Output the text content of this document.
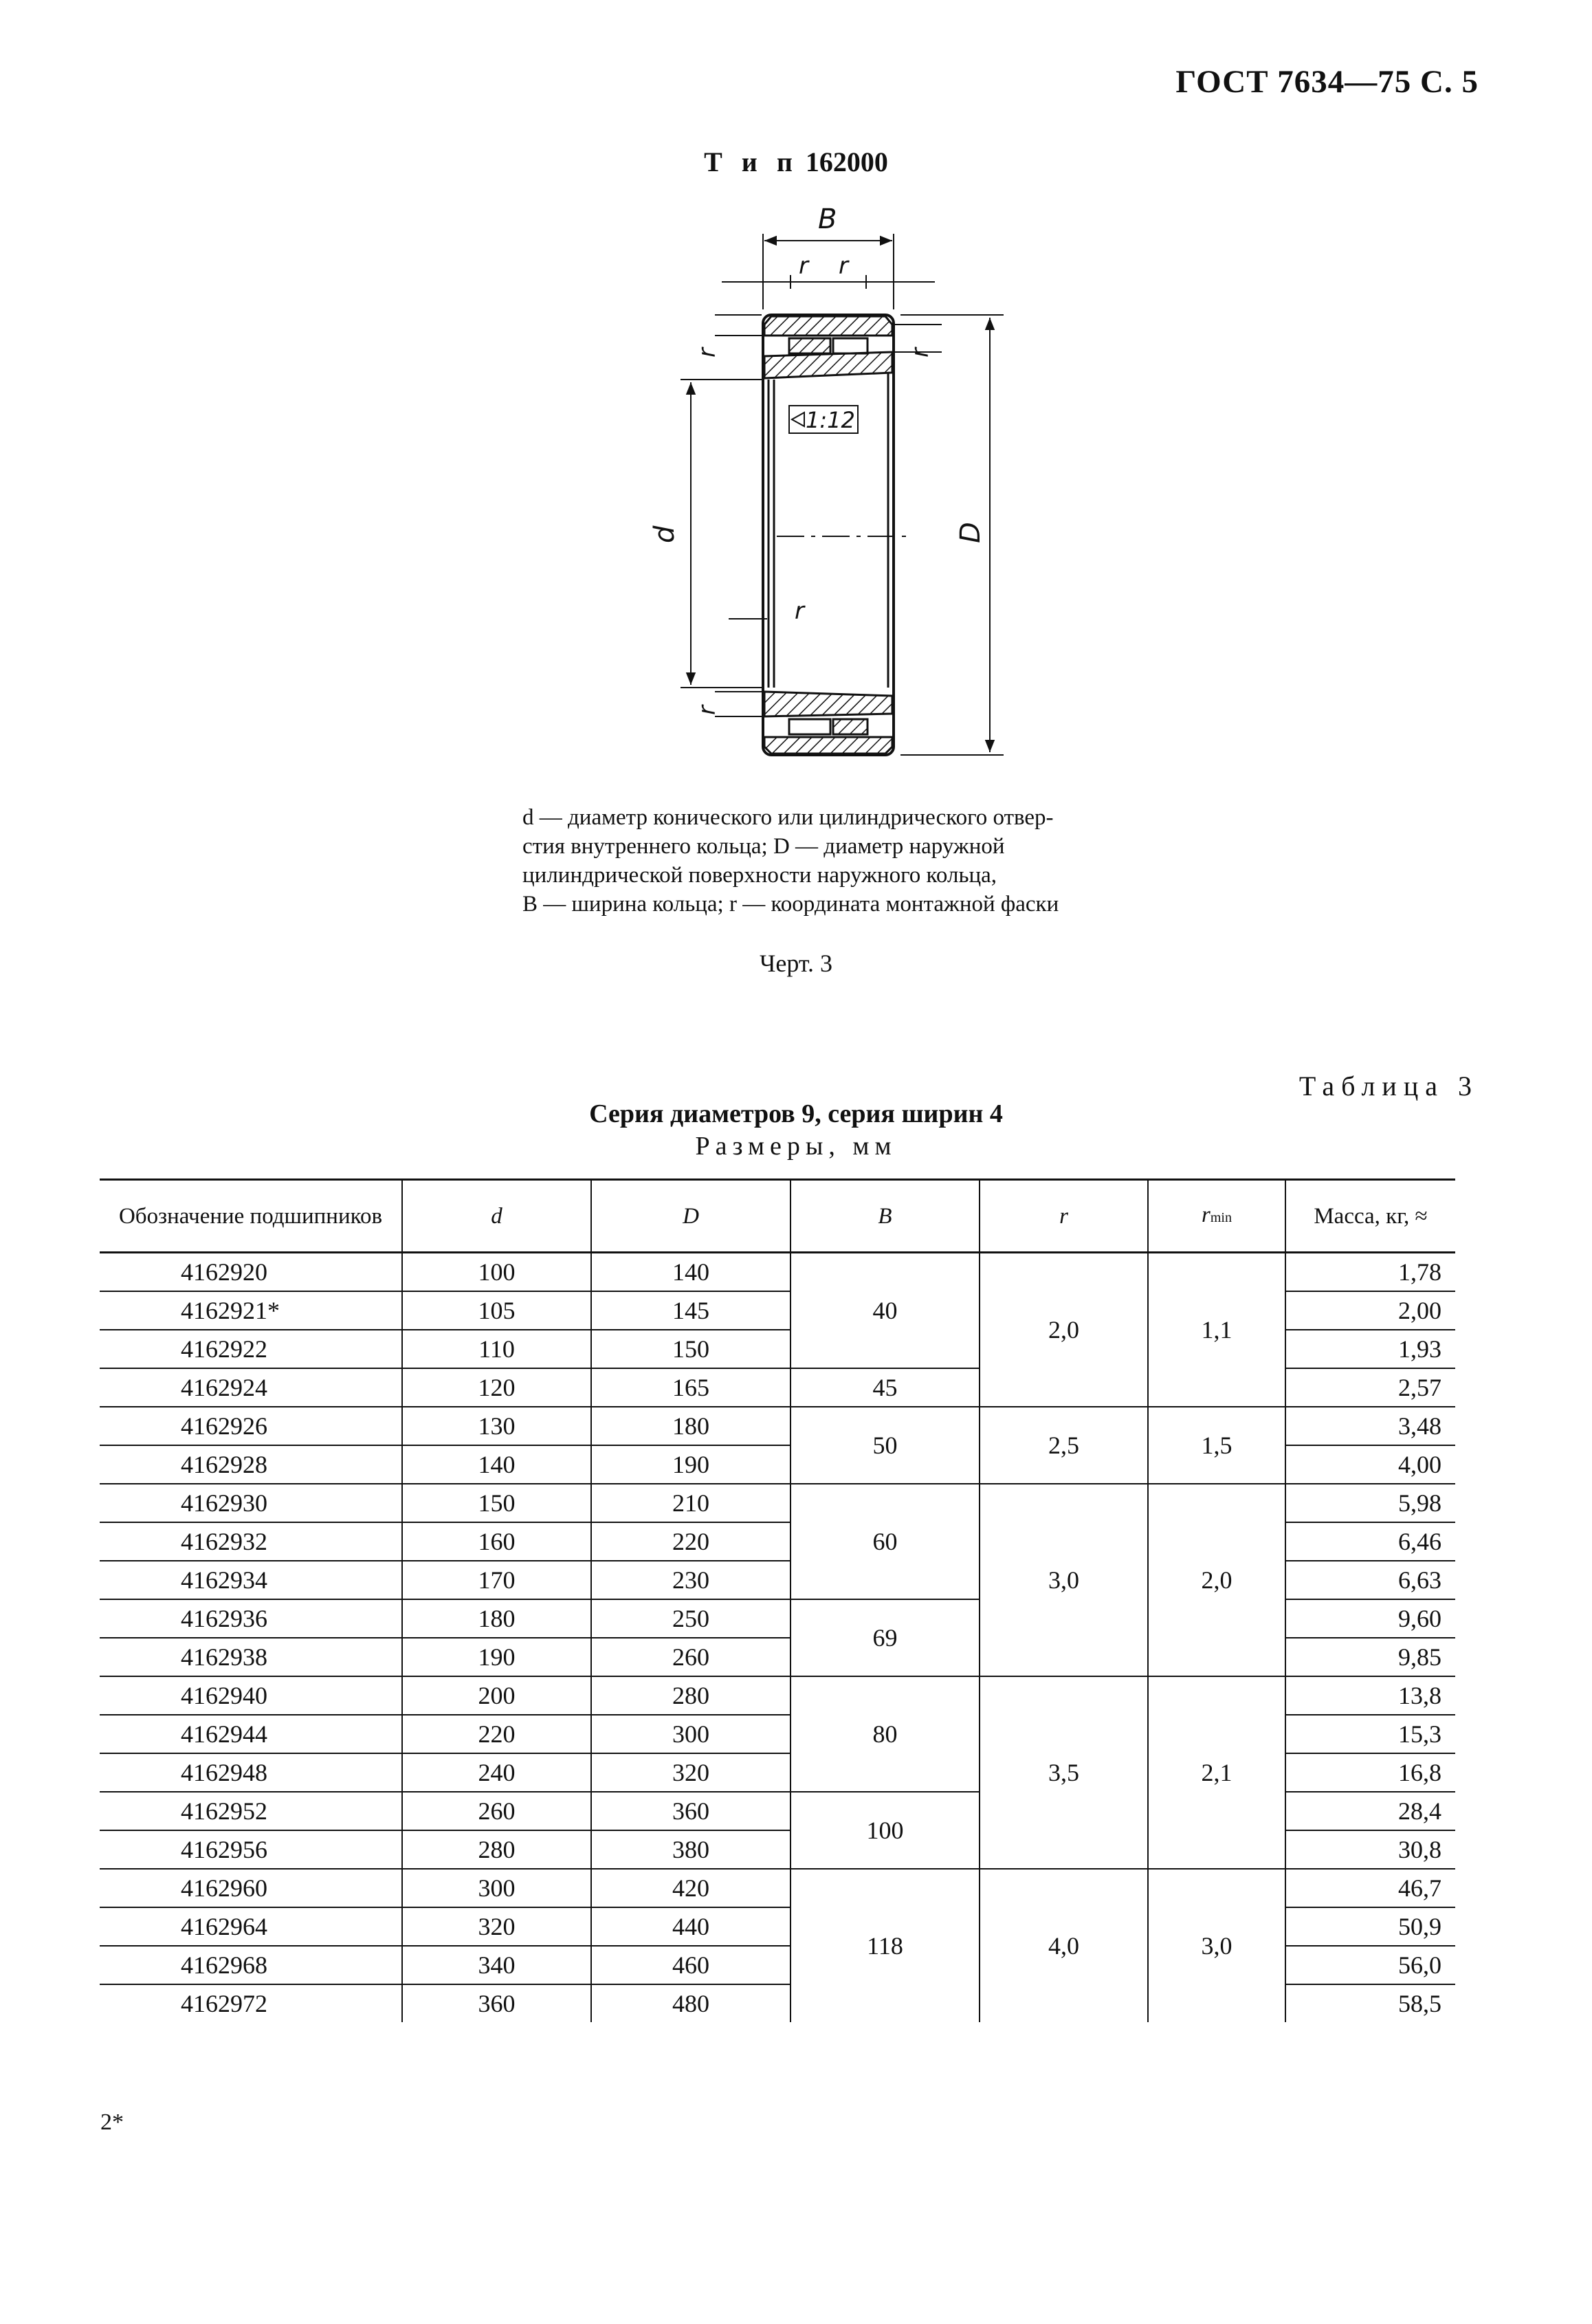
ГОСТ 7634—75 С. 5
Т и п 162000
B
r r
r	r
d	D
r
r
1:12

d — диаметр конического или цилиндрического отвер-

стия внутреннего кольца; D — диаметр наружной

цилиндрической поверхности наружного кольца,

B — ширина кольца; r — координата монтажной фаски

Черт. 3
Таблица 3
Серия диаметров 9, серия ширин 4
Размеры, мм
Обозначение подшипников	d	D	B	r	rmin	Масса, кг, ≈
4162920	100	140	40	2,0	1,1	1,78
4162921*	105	145				2,00
4162922	110	150				1,93
4162924	120	165	45			2,57
4162926	130	180	50	2,5	1,5	3,48
4162928	140	190				4,00
4162930	150	210	60	3,0	2,0	5,98
4162932	160	220				6,46
4162934	170	230				6,63
4162936	180	250	69			9,60
4162938	190	260				9,85
4162940	200	280	80	3,5	2,1	13,8
4162944	220	300				15,3
4162948	240	320				16,8
4162952	260	360	100			28,4
4162956	280	380				30,8
4162960	300	420	118	4,0	3,0	46,7
4162964	320	440				50,9
4162968	340	460				56,0
4162972	360	480				58,5
2*
